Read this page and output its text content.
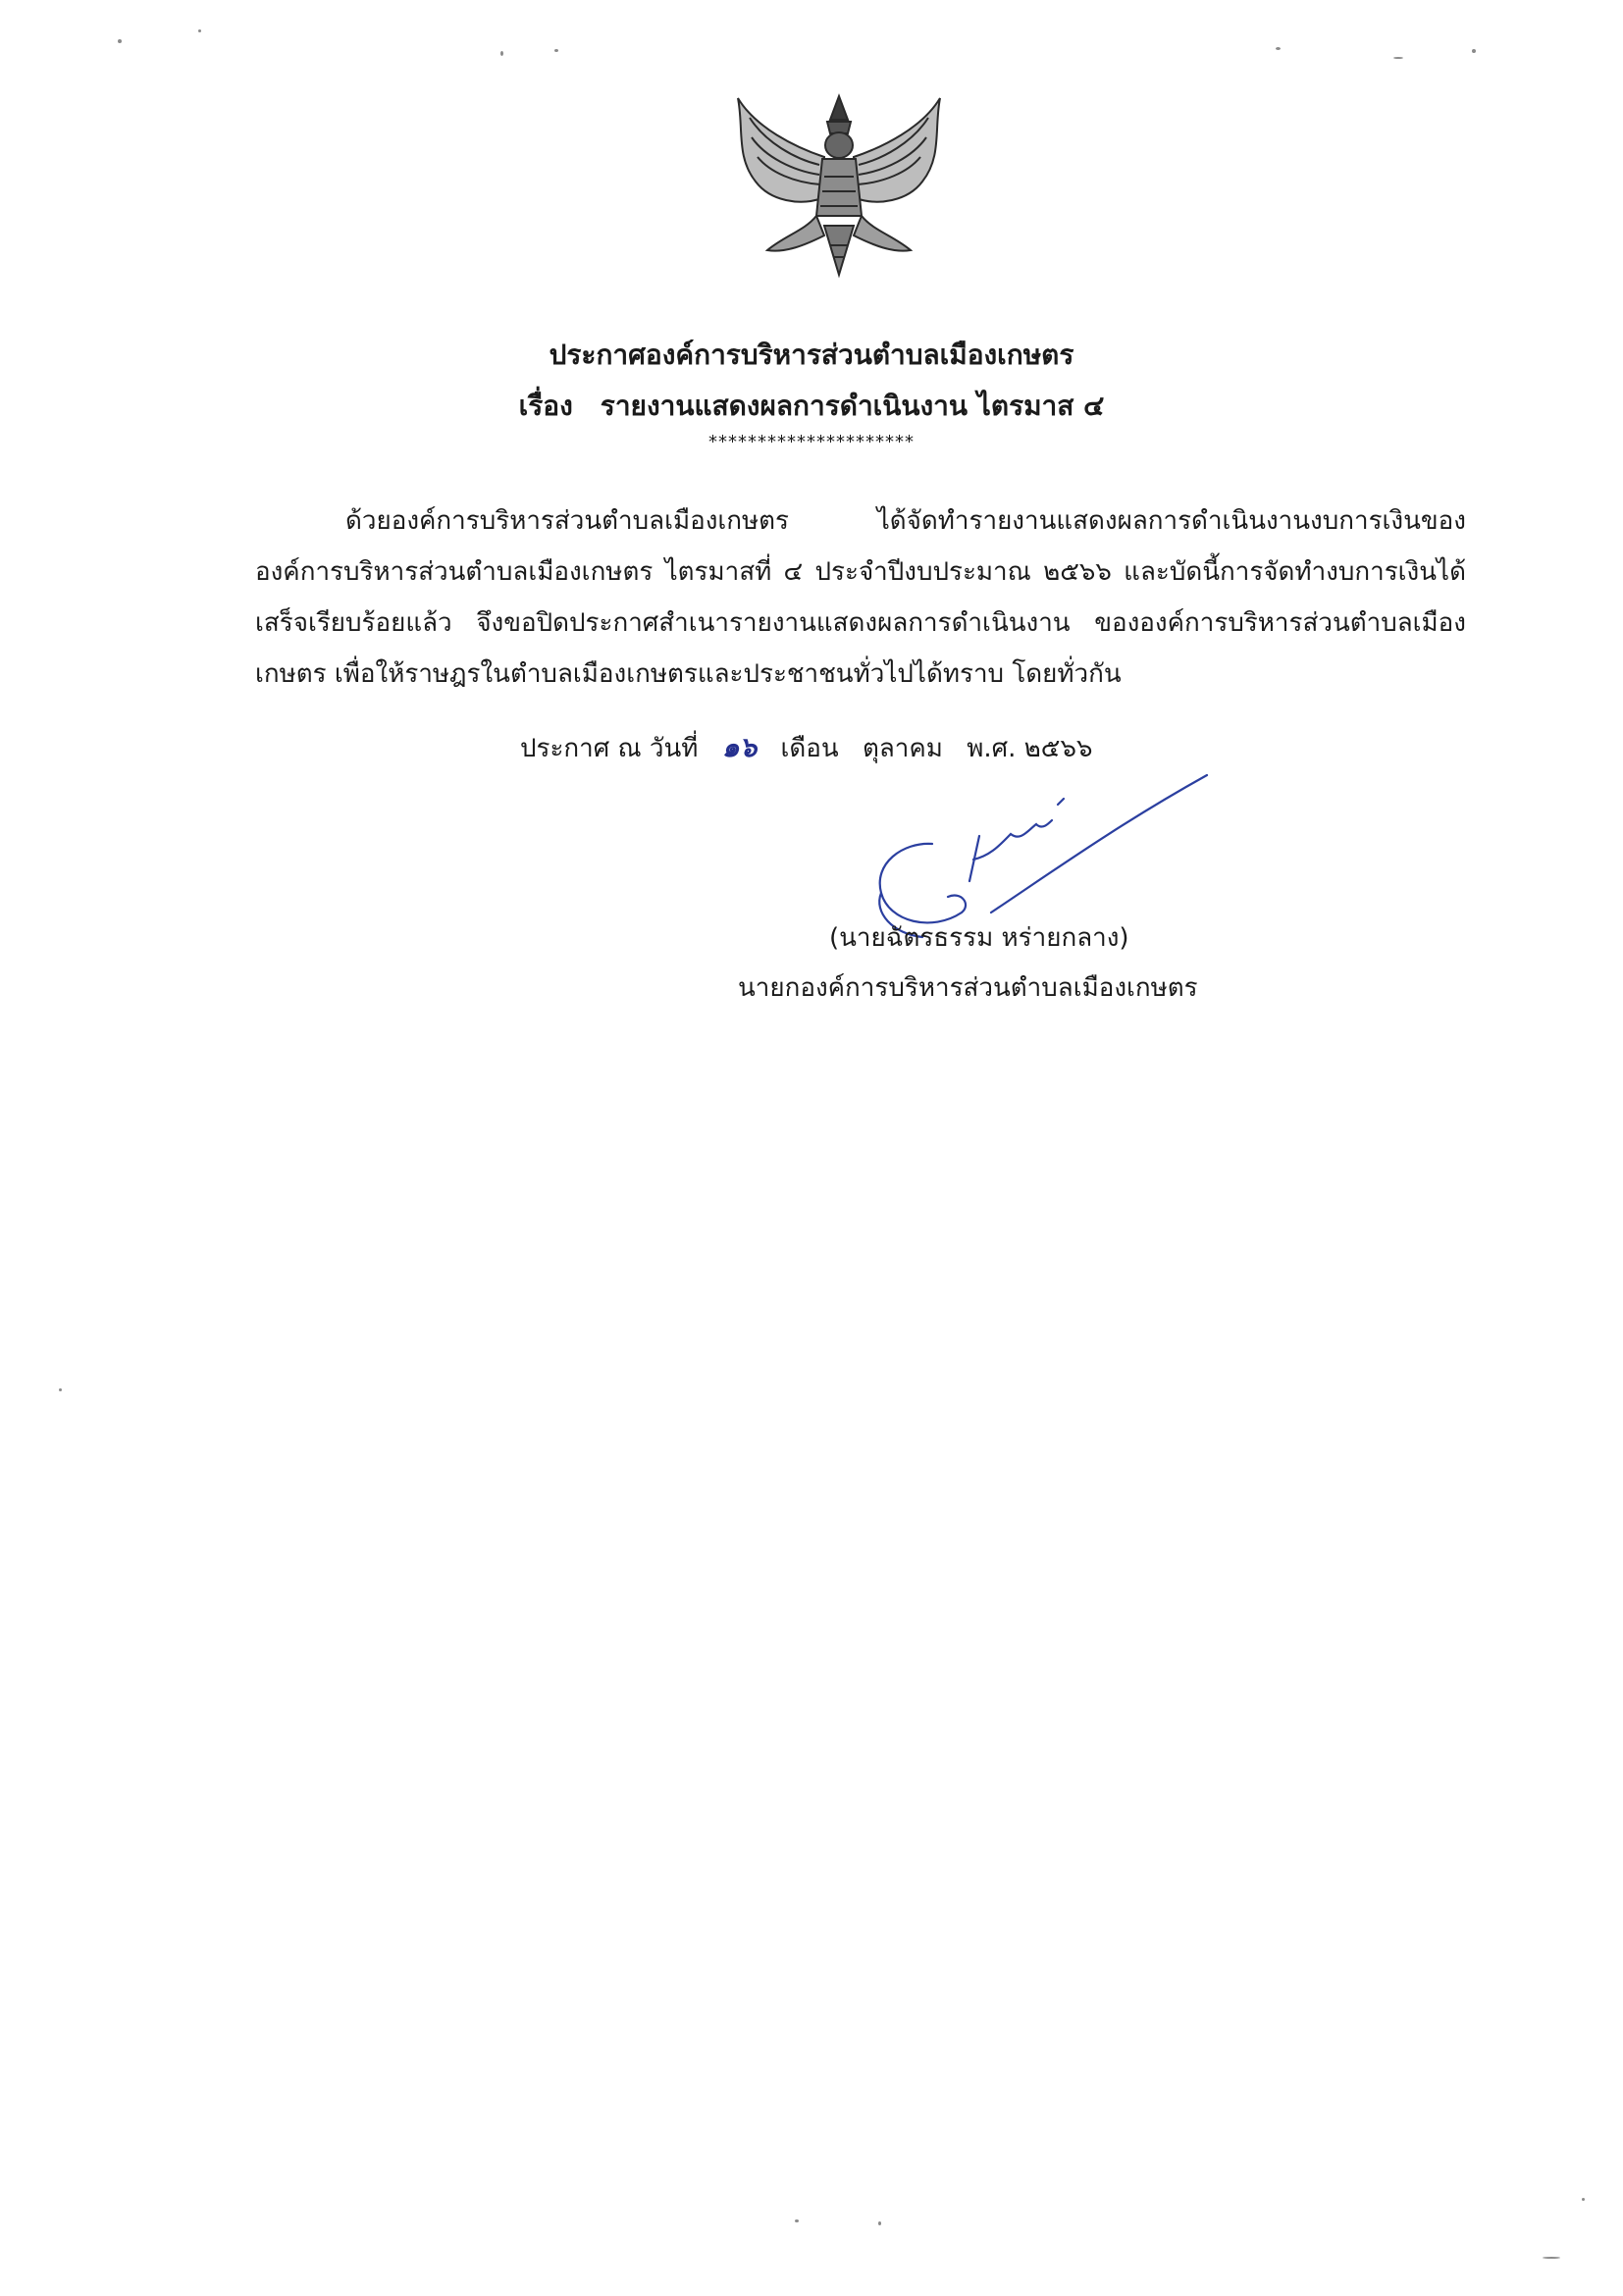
ประกาศองค์การบริหารส่วนตำบลเมืองเกษตร
เรื่อง รายงานแสดงผลการดำเนินงาน ไตรมาส ๔
*********************

ด้วยองค์การบริหารส่วนตำบลเมืองเกษตร ได้จัดทำรายงานแสดงผลการดำเนินงานงบการเงินขององค์การบริหารส่วนตำบลเมืองเกษตร ไตรมาสที่ ๔ ประจำปีงบประมาณ ๒๕๖๖ และบัดนี้การจัดทำงบการเงินได้เสร็จเรียบร้อยแล้ว จึงขอปิดประกาศสำเนารายงานแสดงผลการดำเนินงาน ขององค์การบริหารส่วนตำบลเมืองเกษตร เพื่อให้ราษฎรในตำบลเมืองเกษตรและประชาชนทั่วไปได้ทราบ โดยทั่วกัน

ประกาศ ณ วันที่ ๑๖ เดือน ตุลาคม พ.ศ. ๒๕๖๖
(นายฉัตรธรรม หร่ายกลาง)
นายกองค์การบริหารส่วนตำบลเมืองเกษตร
